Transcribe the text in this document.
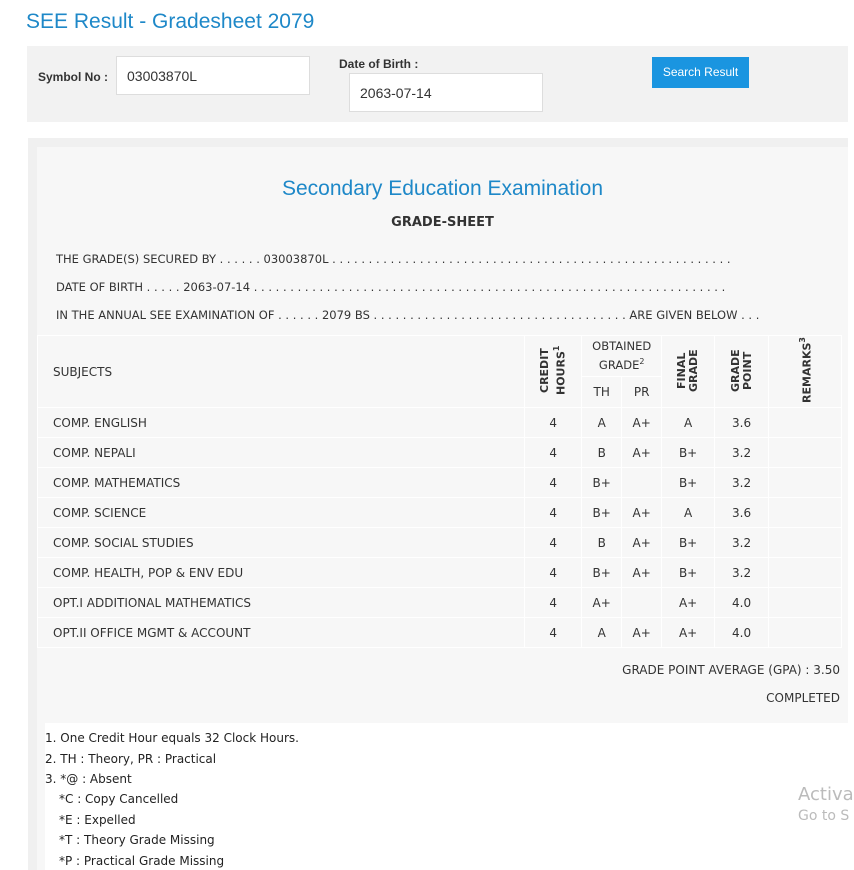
SEE Result - Gradesheet 2079
Symbol No :	03003870L
Date of Birth :
2063-07-14
Search Result
Secondary Education Examination
GRADE-SHEET
THE GRADE(S) SECURED BY . . . . . . 03003870L . . . . . . . . . . . . . . . . . . . . . . . . . . . . . . . . . . . . . . . . . . . . . . . . . . . . . . .
DATE OF BIRTH . . . . . 2063-07-14 . . . . . . . . . . . . . . . . . . . . . . . . . . . . . . . . . . . . . . . . . . . . . . . . . . . . . . . . . . . . . . . . .
IN THE ANNUAL SEE EXAMINATION OF . . . . . . 2079 BS . . . . . . . . . . . . . . . . . . . . . . . . . . . . . . . . . . . ARE GIVEN BELOW . . .
SUBJECTS	CREDIT HOURS$^1$	OBTAINED GRADE$^2$		FINAL GRADE	GRADE POINT	REMARKS$^3$
		TH	PR			
COMP. ENGLISH	4	A	A+	A	3.6	
COMP. NEPALI	4	B	A+	B+	3.2	
COMP. MATHEMATICS	4	B+		B+	3.2	
COMP. SCIENCE	4	B+	A+	A	3.6	
COMP. SOCIAL STUDIES	4	B	A+	B+	3.2	
COMP. HEALTH, POP & ENV EDU	4	B+	A+	B+	3.2	
OPT.I ADDITIONAL MATHEMATICS	4	A+		A+	4.0	
OPT.II OFFICE MGMT & ACCOUNT	4	A	A+	A+	4.0	
GRADE POINT AVERAGE (GPA) : 3.50
COMPLETED
1. One Credit Hour equals 32 Clock Hours.
2. TH : Theory, PR : Practical
3. *@ : Absent
*C : Copy Cancelled
*E : Expelled
*T : Theory Grade Missing
*P : Practical Grade Missing
Activa
Go to S
